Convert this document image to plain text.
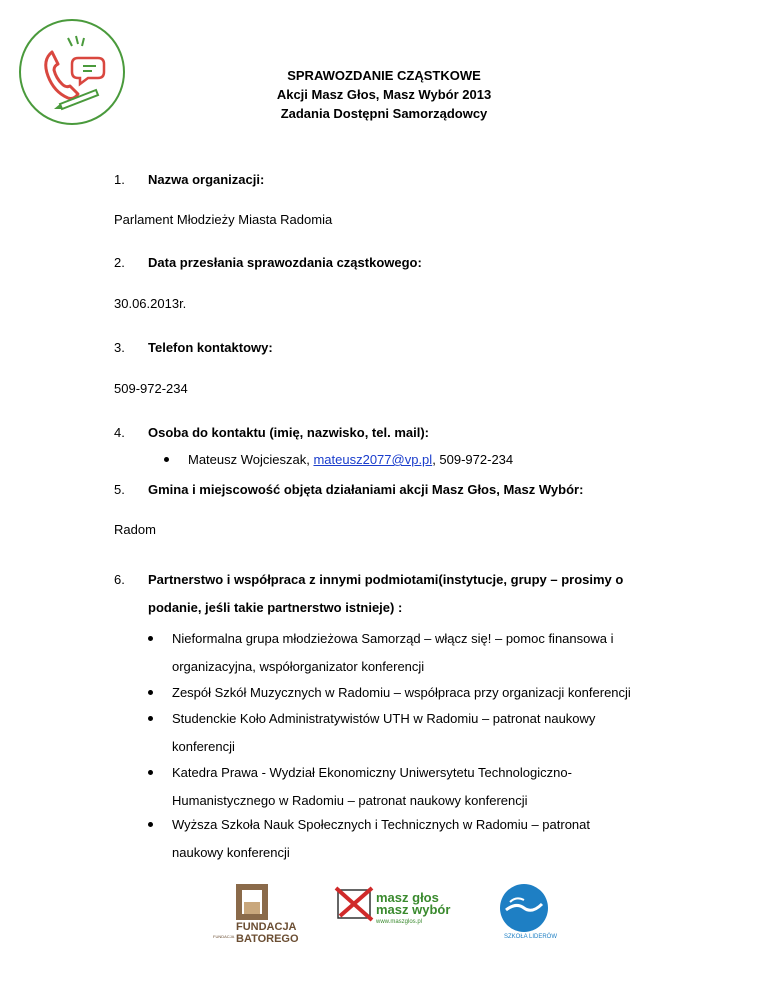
SPRAWOZDANIE CZĄSTKOWE
Akcji Masz Głos, Masz Wybór 2013
Zadania Dostępni Samorządowcy
1. Nazwa organizacji:
Parlament Młodzieży Miasta Radomia
2. Data przesłania sprawozdania cząstkowego:
30.06.2013r.
3. Telefon kontaktowy:
509-972-234
4. Osoba do kontaktu (imię, nazwisko, tel. mail):
Mateusz Wojcieszak, mateusz2077@vp.pl, 509-972-234
5. Gmina i miejscowość objęta działaniami akcji Masz Głos, Masz Wybór:
Radom
6. Partnerstwo i współpraca z innymi podmiotami(instytucje, grupy – prosimy o
podanie, jeśli takie partnerstwo istnieje) :
Nieformalna grupa młodzieżowa Samorząd – włącz się! – pomoc finansowa i
organizacyjna, współorganizator konferencji
Zespół Szkół Muzycznych w Radomiu – współpraca przy organizacji konferencji
Studenckie Koło Administratywistów UTH w Radomiu – patronat naukowy
konferencji
Katedra Prawa - Wydział Ekonomiczny Uniwersytetu Technologiczno-
Humanistycznego w Radomiu – patronat naukowy konferencji
Wyższa Szkoła Nauk Społecznych i Technicznych w Radomiu – patronat
naukowy konferencji
FUNDACJA
FUNDACJA BATOREGO
masz głos
masz wybór
www.maszglos.pl
SZKOŁA LIDERÓW
